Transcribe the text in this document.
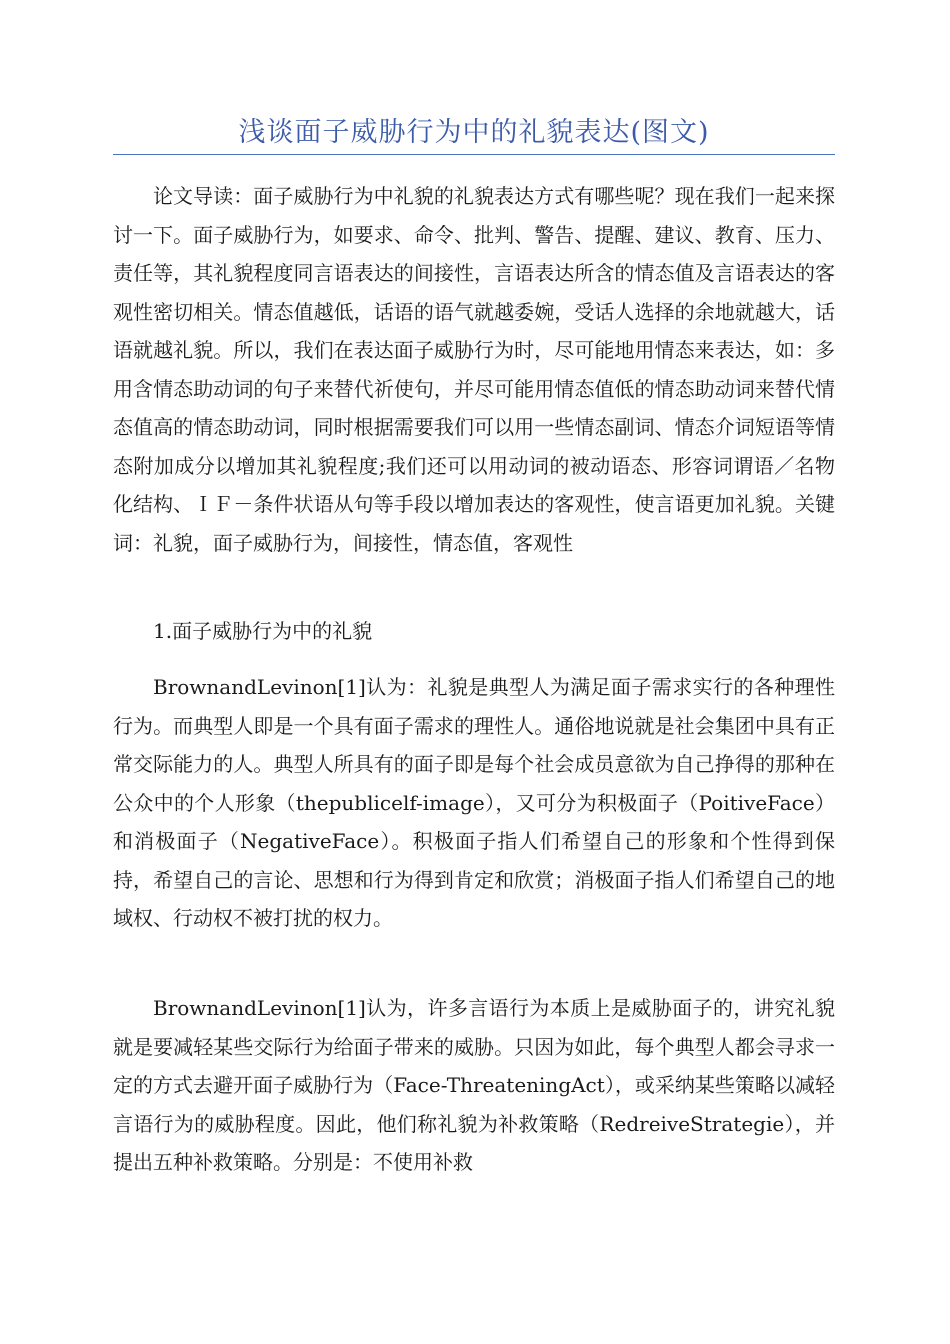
浅谈面子威胁行为中的礼貌表达(图文)

论文导读：面子威胁行为中礼貌的礼貌表达方式有哪些呢？现在我们一起来探讨一下。面子威胁行为，如要求、命令、批判、警告、提醒、建议、教育、压力、责任等，其礼貌程度同言语表达的间接性，言语表达所含的情态值及言语表达的客观性密切相关。情态值越低，话语的语气就越委婉，受话人选择的余地就越大，话语就越礼貌。所以，我们在表达面子威胁行为时，尽可能地用情态来表达，如：多用含情态助动词的句子来替代祈使句，并尽可能用情态值低的情态助动词来替代情态值高的情态助动词，同时根据需要我们可以用一些情态副词、情态介词短语等情态附加成分以增加其礼貌程度;我们还可以用动词的被动语态、形容词谓语／名物化结构、ＩＦ－条件状语从句等手段以增加表达的客观性，使言语更加礼貌。关键词：礼貌，面子威胁行为，间接性，情态值，客观性

1.面子威胁行为中的礼貌

BrownandLevinon[1]认为：礼貌是典型人为满足面子需求实行的各种理性行为。而典型人即是一个具有面子需求的理性人。通俗地说就是社会集团中具有正常交际能力的人。典型人所具有的面子即是每个社会成员意欲为自己挣得的那种在公众中的个人形象（thepublicelf-image），又可分为积极面子（PoitiveFace）和消极面子（NegativeFace）。积极面子指人们希望自己的形象和个性得到保持，希望自己的言论、思想和行为得到肯定和欣赏；消极面子指人们希望自己的地域权、行动权不被打扰的权力。

BrownandLevinon[1]认为，许多言语行为本质上是威胁面子的，讲究礼貌就是要减轻某些交际行为给面子带来的威胁。只因为如此，每个典型人都会寻求一定的方式去避开面子威胁行为（Face-ThreateningAct），或采纳某些策略以减轻言语行为的威胁程度。因此，他们称礼貌为补救策略（RedreiveStrategie），并提出五种补救策略。分别是：不使用补救
